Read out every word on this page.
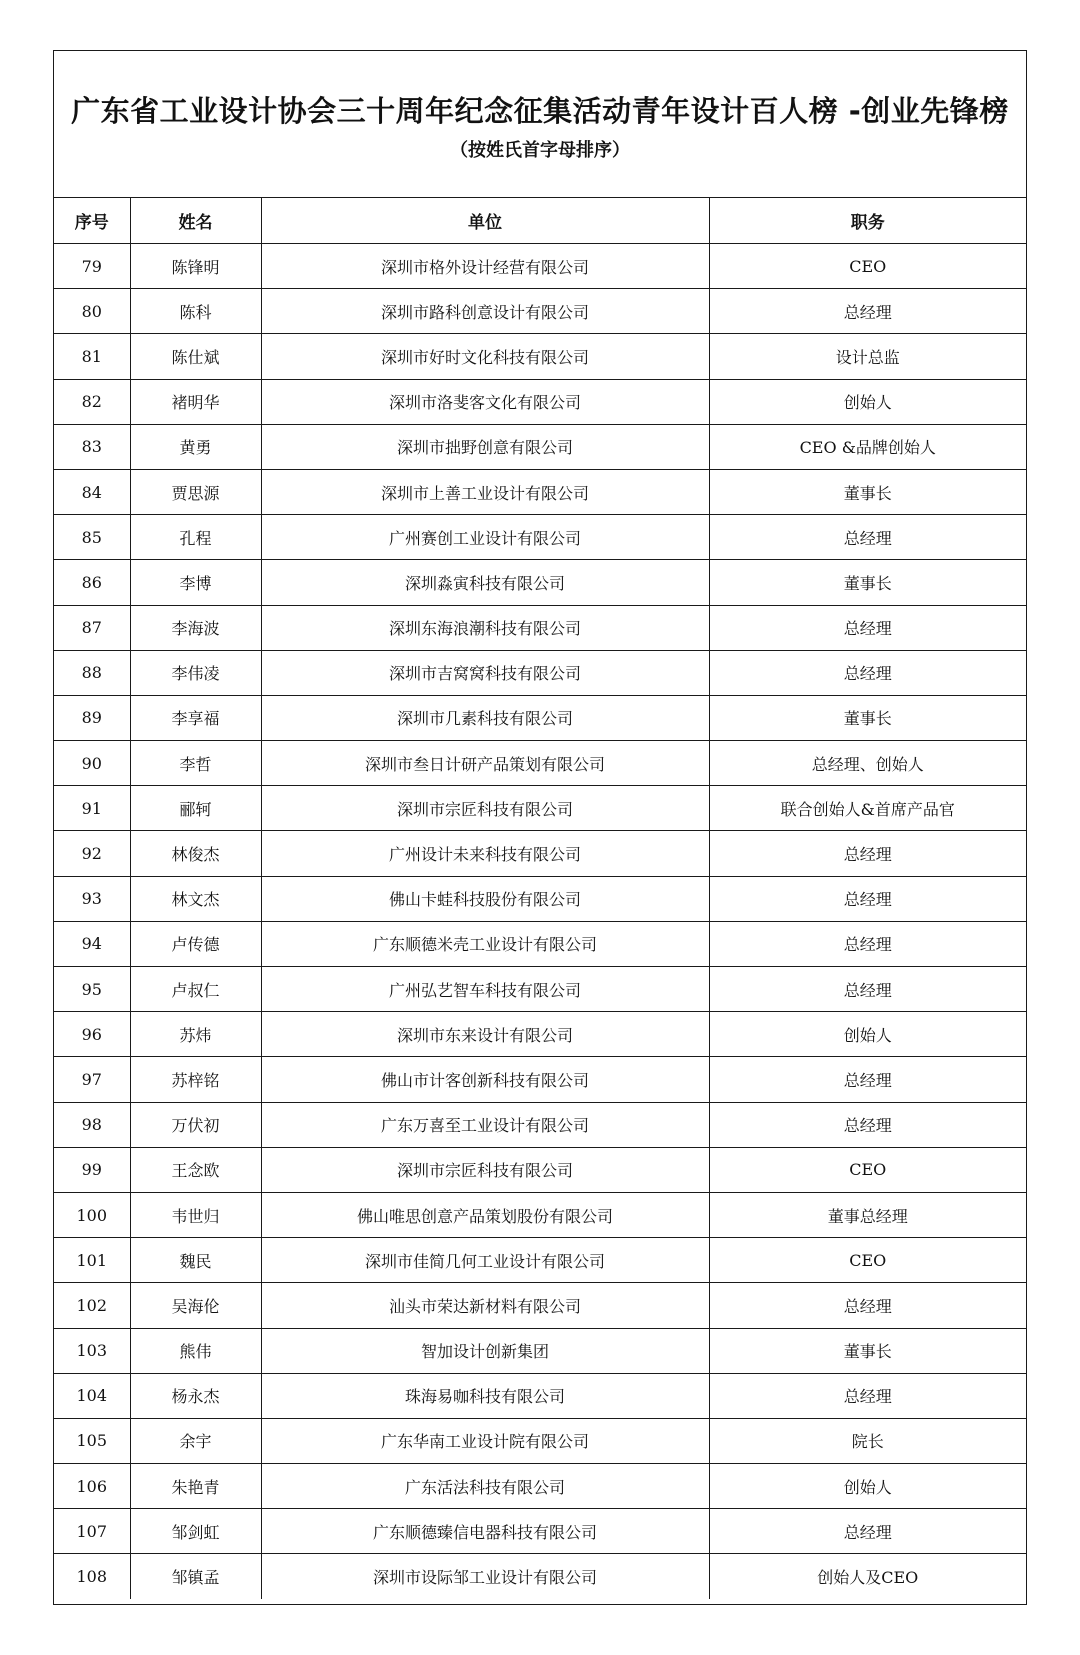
广东省工业设计协会三十周年纪念征集活动青年设计百人榜 -创业先锋榜
（按姓氏首字母排序）
序号	姓名	单位	职务
79	陈锋明	深圳市格外设计经营有限公司	CEO
80	陈科	深圳市路科创意设计有限公司	总经理
81	陈仕斌	深圳市好时文化科技有限公司	设计总监
82	褚明华	深圳市洛斐客文化有限公司	创始人
83	黄勇	深圳市拙野创意有限公司	CEO &品牌创始人
84	贾思源	深圳市上善工业设计有限公司	董事长
85	孔程	广州赛创工业设计有限公司	总经理
86	李博	深圳淼寅科技有限公司	董事长
87	李海波	深圳东海浪潮科技有限公司	总经理
88	李伟凌	深圳市吉窝窝科技有限公司	总经理
89	李享福	深圳市几素科技有限公司	董事长
90	李哲	深圳市叁日计研产品策划有限公司	总经理、创始人
91	郦轲	深圳市宗匠科技有限公司	联合创始人&首席产品官
92	林俊杰	广州设计未来科技有限公司	总经理
93	林文杰	佛山卡蛙科技股份有限公司	总经理
94	卢传德	广东顺德米壳工业设计有限公司	总经理
95	卢叔仁	广州弘艺智车科技有限公司	总经理
96	苏炜	深圳市东来设计有限公司	创始人
97	苏梓铭	佛山市计客创新科技有限公司	总经理
98	万伏初	广东万喜至工业设计有限公司	总经理
99	王念欧	深圳市宗匠科技有限公司	CEO
100	韦世归	佛山唯思创意产品策划股份有限公司	董事总经理
101	魏民	深圳市佳简几何工业设计有限公司	CEO
102	吴海伦	汕头市荣达新材料有限公司	总经理
103	熊伟	智加设计创新集团	董事长
104	杨永杰	珠海易咖科技有限公司	总经理
105	余宇	广东华南工业设计院有限公司	院长
106	朱艳青	广东活法科技有限公司	创始人
107	邹剑虹	广东顺德臻信电器科技有限公司	总经理
108	邹镇孟	深圳市设际邹工业设计有限公司	创始人及CEO
